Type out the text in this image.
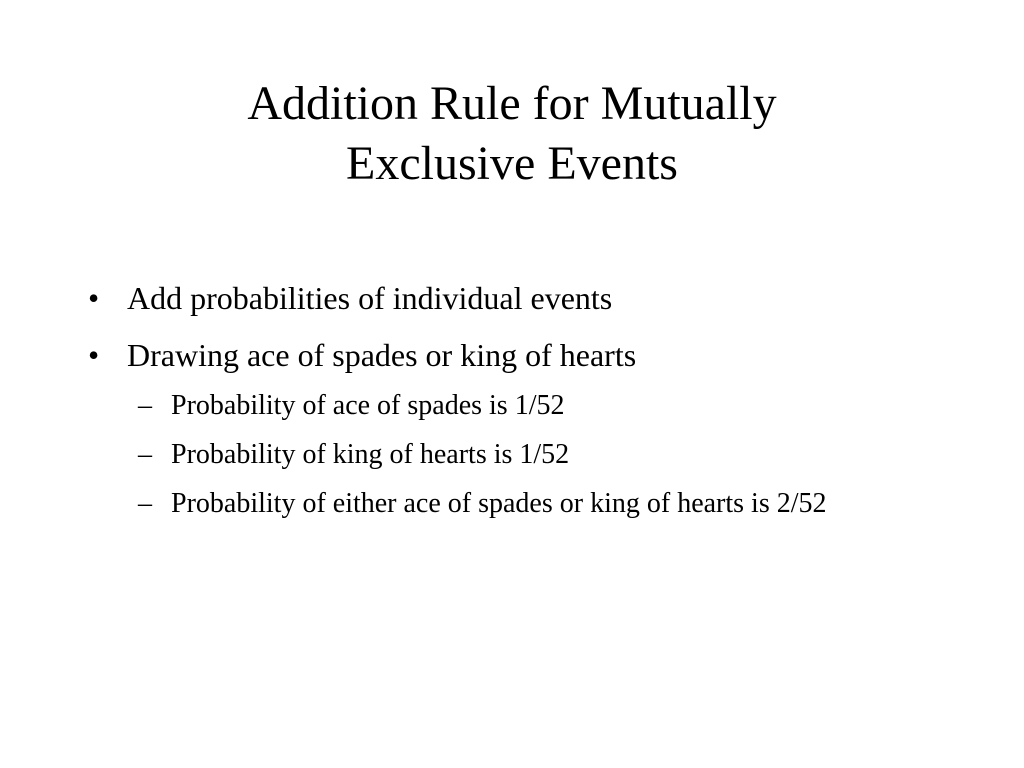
Addition Rule for Mutually
Exclusive Events
• Add probabilities of individual events
• Drawing ace of spades or king of hearts
– Probability of ace of spades is 1/52
– Probability of king of hearts is 1/52
– Probability of either ace of spades or king of hearts is 2/52
